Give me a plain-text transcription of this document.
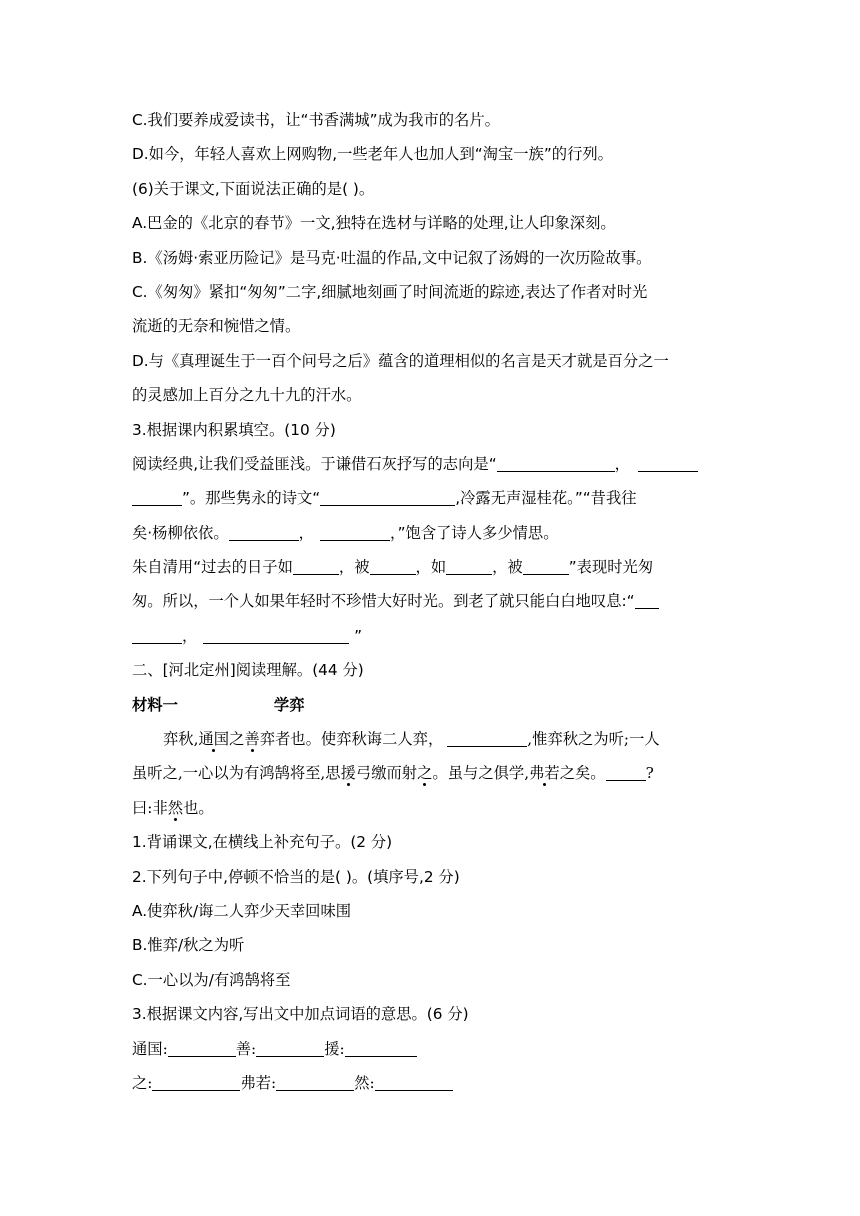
C.我们要养成爱读书，让“书香满城”成为我市的名片。
D.如今，年轻人喜欢上网购物,一些老年人也加人到“淘宝一族”的行列。
(6)关于课文,下面说法正确的是( )。
A.巴金的《北京的春节》一文,独特在选材与详略的处理,让人印象深刻。
B.《汤姆·索亚历险记》是马克·吐温的作品,文中记叙了汤姆的一次历险故事。
C.《匆匆》紧扣“匆匆”二字,细腻地刻画了时间流逝的踪迹,表达了作者对时光
流逝的无奈和惋惜之情。
D.与《真理诞生于一百个问号之后》蕴含的道理相似的名言是天才就是百分之一
的灵感加上百分之九十九的汗水。
3.根据课内积累填空。(10 分)
阅读经典,让我们受益匪浅。于谦借石灰抒写的志向是“	，
”。那些隽永的诗文“	,冷露无声湿桂花。”“昔我往
矣·杨柳依依。	，	，”饱含了诗人多少情思。
朱自清用“过去的日子如	，被	，如	，被	”表现时光匆
匆。所以，一个人如果年轻时不珍惜大好时光。到老了就只能白白地叹息:“
，	”
二、[河北定州]阅读理解。(44 分)
材料一	学弈
弈秋,通国之善弈者也。使弈秋诲二人弈，	,惟弈秋之为听;一人
虽听之,一心以为有鸿鹄将至,思援弓缴而射之。虽与之俱学,弗若之矣。	?
曰:非然也。
1.背诵课文,在横线上补充句子。(2 分)
2.下列句子中,停顿不恰当的是( )。(填序号,2 分)
A.使弈秋/诲二人弈少天幸回味围
B.惟弈/秋之为听
C.一心以为/有鸿鹄将至
3.根据课文内容,写出文中加点词语的意思。(6 分)
通国:	善:	援:
之:	弗若:	然:
